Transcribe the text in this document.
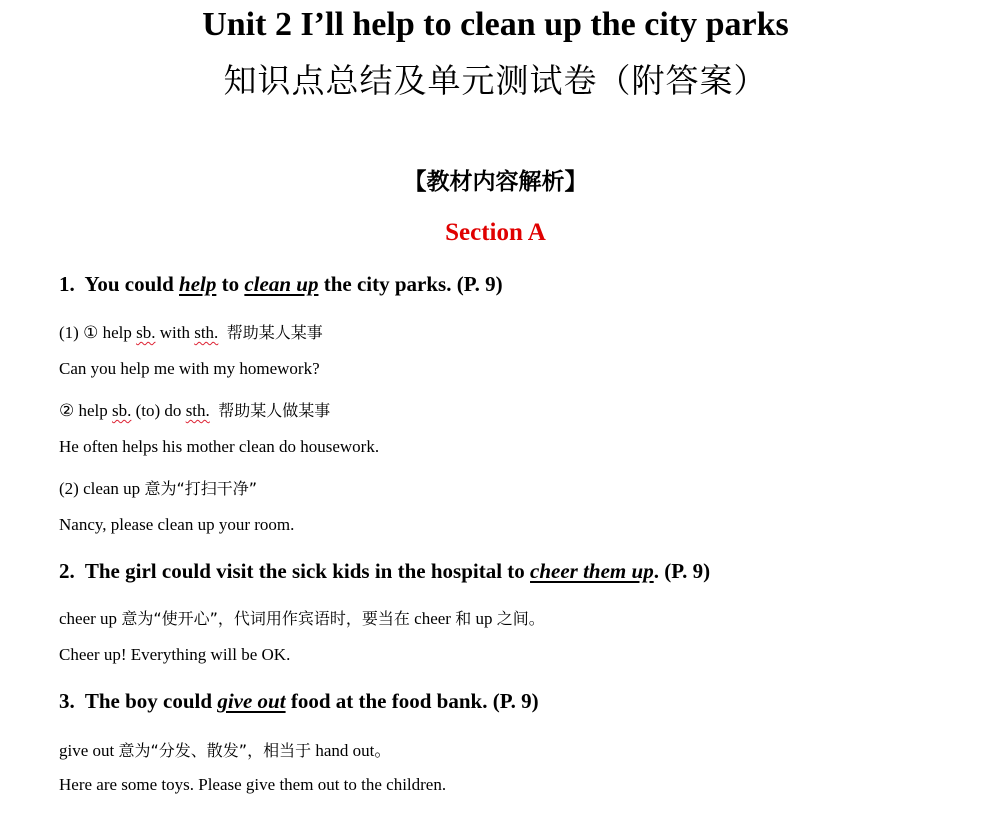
Unit 2 I’ll help to clean up the city parks
知识点总结及单元测试卷（附答案）
【教材内容解析】
Section A
1. You could help to clean up the city parks. (P. 9)
(1) ① help sb. with sth. 帮助某人某事
Can you help me with my homework?
② help sb. (to) do sth. 帮助某人做某事
He often helps his mother clean do housework.
(2) clean up 意为“打扫干净”
Nancy, please clean up your room.
2. The girl could visit the sick kids in the hospital to cheer them up. (P. 9)
cheer up 意为“使开心”，代词用作宾语时，要当在 cheer 和 up 之间。
Cheer up! Everything will be OK.
3. The boy could give out food at the food bank. (P. 9)
give out 意为“分发、散发”，相当于 hand out。
Here are some toys. Please give them out to the children.
